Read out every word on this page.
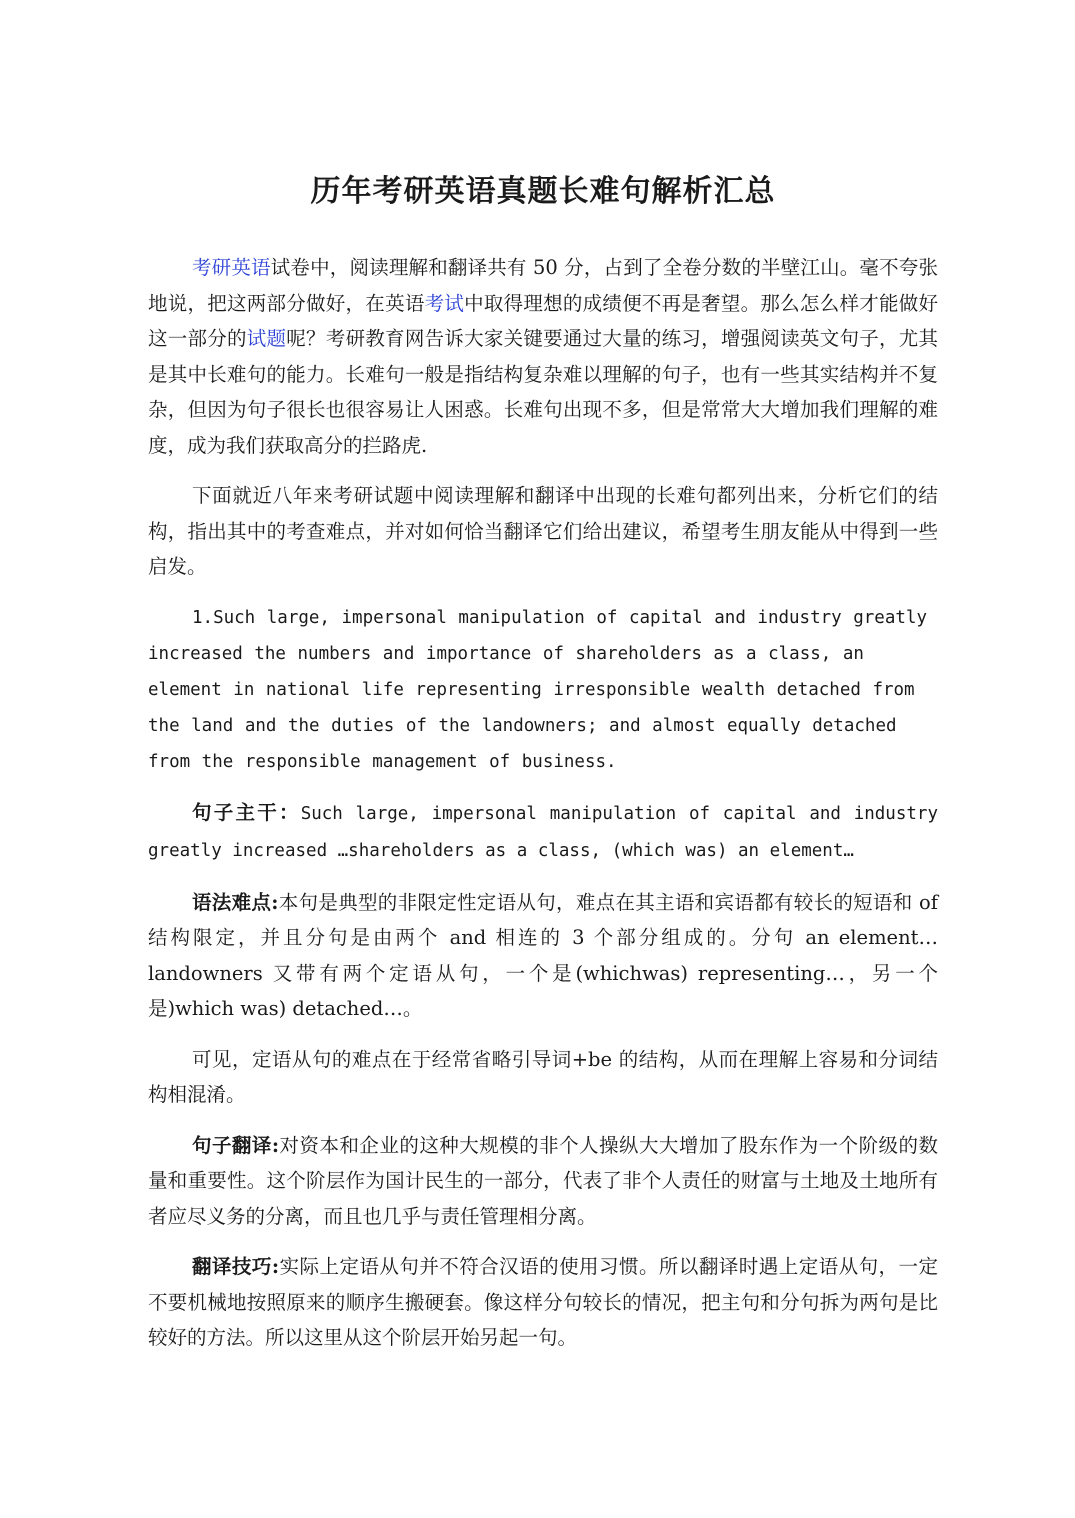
历年考研英语真题长难句解析汇总

考研英语试卷中，阅读理解和翻译共有 50 分，占到了全卷分数的半壁江山。毫不夸张地说，把这两部分做好，在英语考试中取得理想的成绩便不再是奢望。那么怎么样才能做好这一部分的试题呢？考研教育网告诉大家关键要通过大量的练习，增强阅读英文句子，尤其是其中长难句的能力。长难句一般是指结构复杂难以理解的句子，也有一些其实结构并不复杂，但因为句子很长也很容易让人困惑。长难句出现不多，但是常常大大增加我们理解的难度，成为我们获取高分的拦路虎.

下面就近八年来考研试题中阅读理解和翻译中出现的长难句都列出来，分析它们的结构，指出其中的考查难点，并对如何恰当翻译它们给出建议，希望考生朋友能从中得到一些启发。

1.Such large, impersonal manipulation of capital and industry greatly increased the numbers and importance of shareholders as a class, an element in national life representing irresponsible wealth detached from the land and the duties of the landowners; and almost equally detached from the responsible management of business.

句子主干：Such large, impersonal manipulation of capital and industry greatly increased …shareholders as a class, (which was) an element…

语法难点:本句是典型的非限定性定语从句，难点在其主语和宾语都有较长的短语和 of 结构限定，并且分句是由两个 and 相连的 3 个部分组成的。分句 an element…landowners 又带有两个定语从句，一个是(whichwas) representing…，另一个是)which was) detached…。

可见，定语从句的难点在于经常省略引导词+be 的结构，从而在理解上容易和分词结构相混淆。

句子翻译:对资本和企业的这种大规模的非个人操纵大大增加了股东作为一个阶级的数量和重要性。这个阶层作为国计民生的一部分，代表了非个人责任的财富与土地及土地所有者应尽义务的分离，而且也几乎与责任管理相分离。

翻译技巧:实际上定语从句并不符合汉语的使用习惯。所以翻译时遇上定语从句，一定不要机械地按照原来的顺序生搬硬套。像这样分句较长的情况，把主句和分句拆为两句是比较好的方法。所以这里从这个阶层开始另起一句。
